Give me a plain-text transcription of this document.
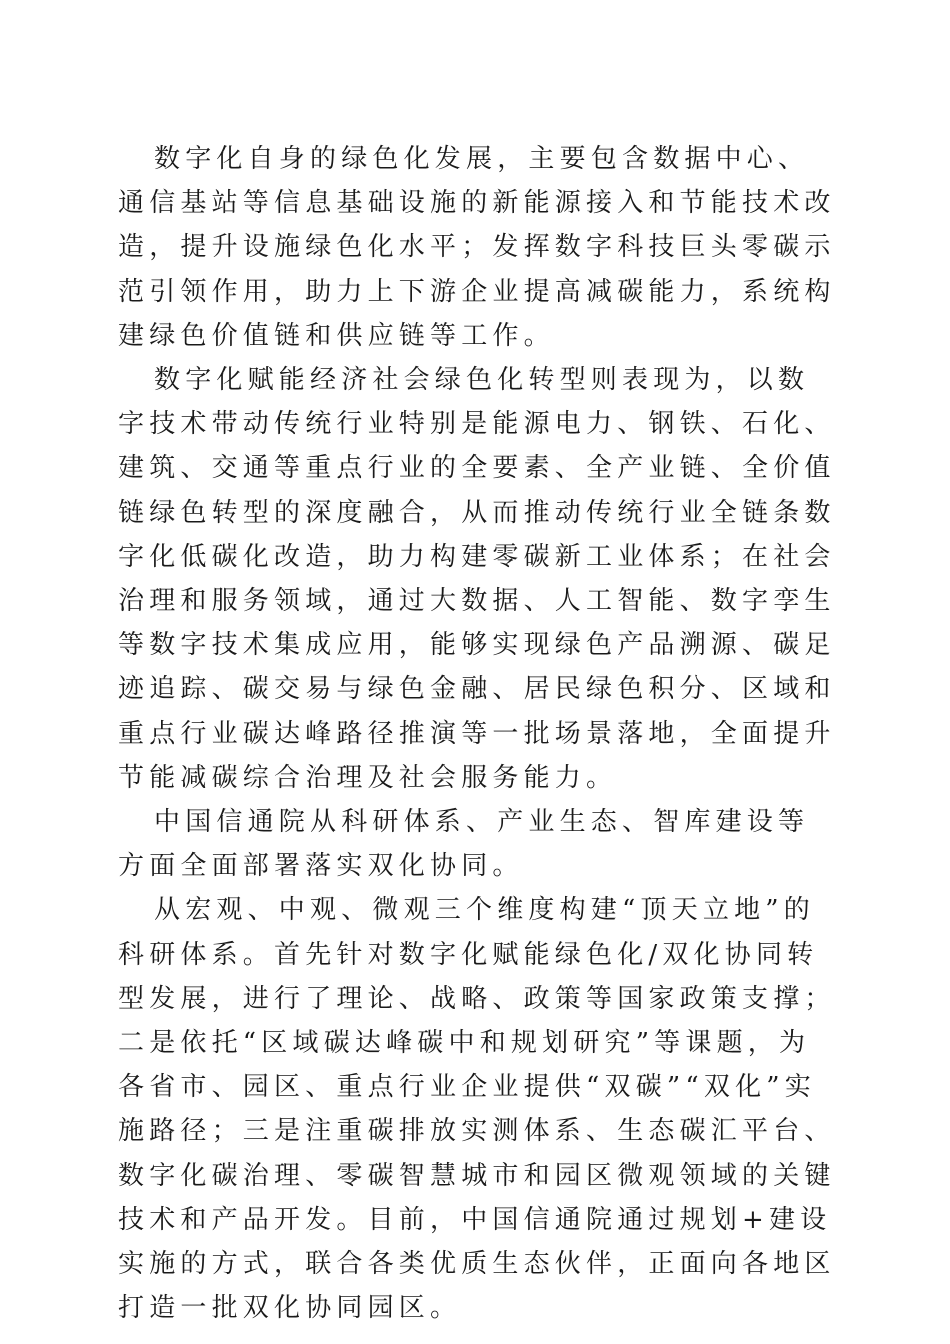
数字化自身的绿色化发展，主要包含数据中心、通信基站等信息基础设施的新能源接入和节能技术改造，提升设施绿色化水平；发挥数字科技巨头零碳示范引领作用，助力上下游企业提高减碳能力，系统构建绿色价值链和供应链等工作。

数字化赋能经济社会绿色化转型则表现为，以数字技术带动传统行业特别是能源电力、钢铁、石化、建筑、交通等重点行业的全要素、全产业链、全价值链绿色转型的深度融合，从而推动传统行业全链条数字化低碳化改造，助力构建零碳新工业体系；在社会治理和服务领域，通过大数据、人工智能、数字孪生等数字技术集成应用，能够实现绿色产品溯源、碳足迹追踪、碳交易与绿色金融、居民绿色积分、区域和重点行业碳达峰路径推演等一批场景落地，全面提升节能减碳综合治理及社会服务能力。

中国信通院从科研体系、产业生态、智库建设等方面全面部署落实双化协同。

从宏观、中观、微观三个维度构建“顶天立地”的科研体系。首先针对数字化赋能绿色化/双化协同转型发展，进行了理论、战略、政策等国家政策支撑；二是依托“区域碳达峰碳中和规划研究”等课题，为各省市、园区、重点行业企业提供“双碳”“双化”实施路径；三是注重碳排放实测体系、生态碳汇平台、数字化碳治理、零碳智慧城市和园区微观领域的关键技术和产品开发。目前，中国信通院通过规划+建设实施的方式，联合各类优质生态伙伴，正面向各地区打造一批双化协同园区。
